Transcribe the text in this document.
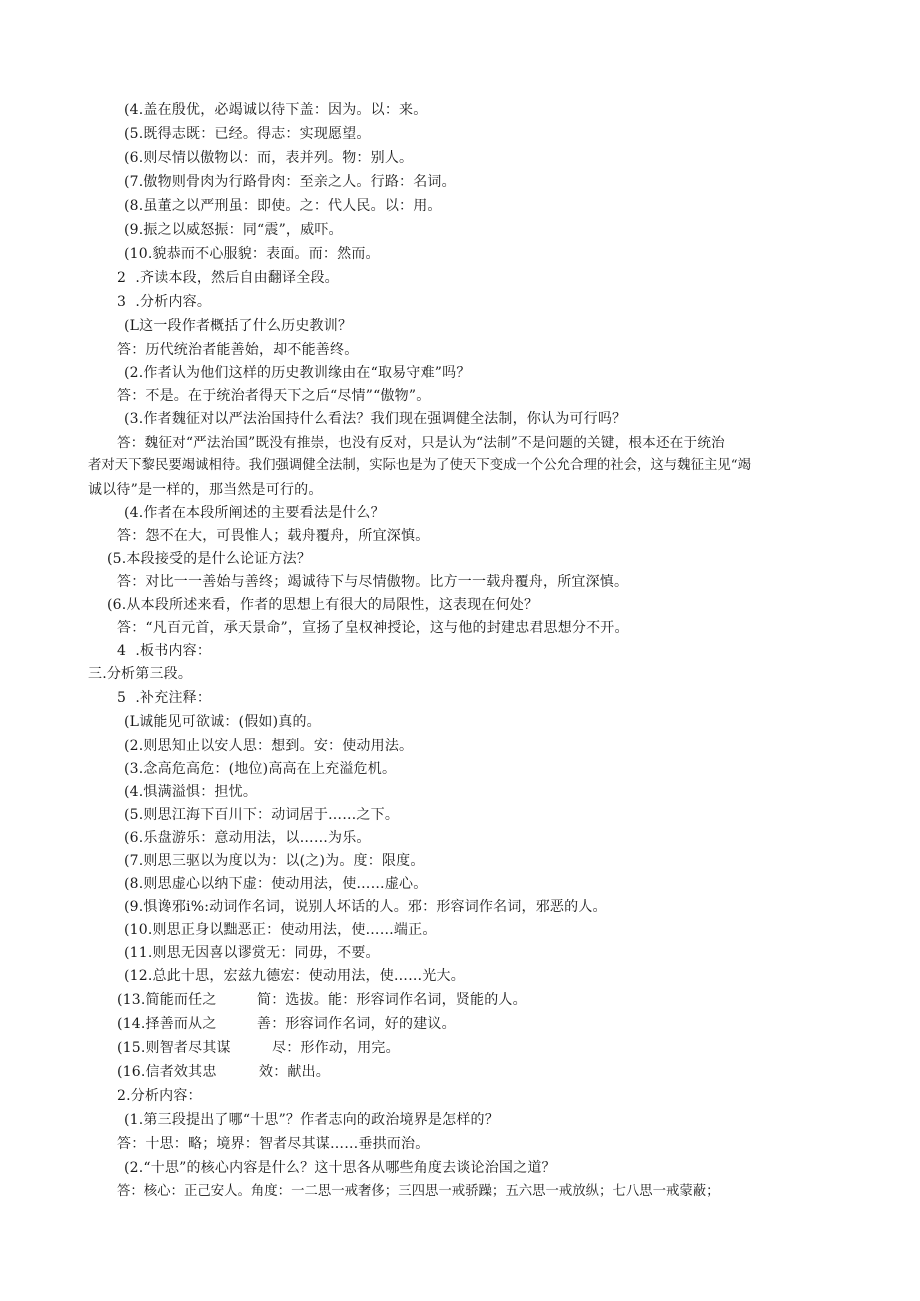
(4.盖在殷优，必竭诚以待下盖：因为。以：来。
(5.既得志既：已经。得志：实现愿望。
(6.则尽情以傲物以：而，表并列。物：别人。
(7.傲物则骨肉为行路骨肉：至亲之人。行路：名词。
(8.虽董之以严刑虽：即使。之：代人民。以：用。
(9.振之以威怒振：同“震”，威吓。
(10.貌恭而不心服貌：表面。而：然而。
2  .齐读本段，然后自由翻译全段。
3  .分析内容。
(L这一段作者概括了什么历史教训？
答：历代统治者能善始，却不能善终。
(2.作者认为他们这样的历史教训缘由在“取易守难”吗？
答：不是。在于统治者得天下之后“尽情”“傲物”。
(3.作者魏征对以严法治国持什么看法？我们现在强调健全法制，你认为可行吗？
答：魏征对“严法治国”既没有推崇，也没有反对，只是认为“法制”不是问题的关键，根本还在于统治
者对天下黎民要竭诚相待。我们强调健全法制，实际也是为了使天下变成一个公允合理的社会，这与魏征主见“竭
诚以待”是一样的，那当然是可行的。
(4.作者在本段所阐述的主要看法是什么？
答：怨不在大，可畏惟人；载舟覆舟，所宜深慎。
(5.本段接受的是什么论证方法？
答：对比一一善始与善终；竭诚待下与尽情傲物。比方一一载舟覆舟，所宜深慎。
(6.从本段所述来看，作者的思想上有很大的局限性，这表现在何处？
答：“凡百元首，承天景命”，宣扬了皇权神授论，这与他的封建忠君思想分不开。
4  .板书内容：
三.分析第三段。
5  .补充注释：
(L诚能见可欲诚：(假如)真的。
(2.则思知止以安人思：想到。安：使动用法。
(3.念高危高危：(地位)高高在上充溢危机。
(4.惧满溢惧：担忧。
(5.则思江海下百川下：动词居于……之下。
(6.乐盘游乐：意动用法，以……为乐。
(7.则思三驱以为度以为：以(之)为。度：限度。
(8.则思虚心以纳下虚：使动用法，使……虚心。
(9.惧谗邪i%:动词作名词，说别人坏话的人。邪：形容词作名词，邪恶的人。
(10.则思正身以黜恶正：使动用法，使……端正。
(11.则思无因喜以谬赏无：同毋，不要。
(12.总此十思，宏兹九德宏：使动用法，使……光大。
(13.简能而任之	简：选拔。能：形容词作名词，贤能的人。
(14.择善而从之	善：形容词作名词，好的建议。
(15.则智者尽其谋	尽：形作动，用完。
(16.信者效其忠	效：献出。
2.分析内容：
(1.第三段提出了哪“十思”？作者志向的政治境界是怎样的？
答：十思：略；境界：智者尽其谋……垂拱而治。
(2.“十思”的核心内容是什么？这十思各从哪些角度去谈论治国之道？
答：核心：正己安人。角度：一二思一戒奢侈；三四思一戒骄躁；五六思一戒放纵；七八思一戒蒙蔽；
